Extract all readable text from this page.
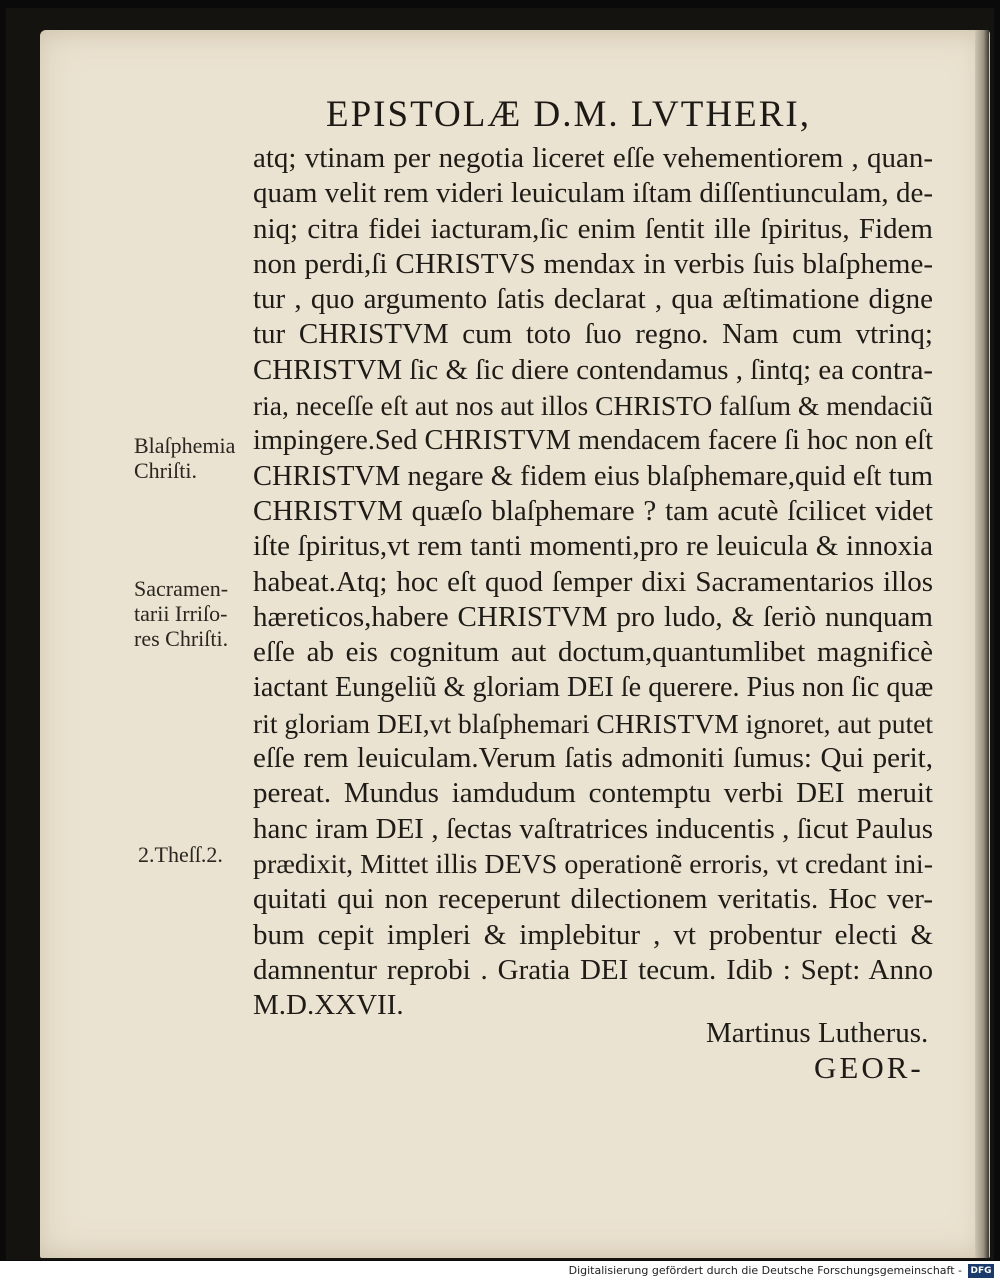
EPISTOLÆ D.M. LVTHERI,
atq; vtinam per negotia liceret eſſe vehementiorem , quan-
quam velit rem videri leuiculam iſtam diſſentiunculam, de-
niq; citra fidei iacturam,ſic enim ſentit ille ſpiritus, Fidem
non perdi,ſi CHRISTVS mendax in verbis ſuis blaſpheme-
tur , quo argumento ſatis declarat , qua æſtimatione digne
tur CHRISTVM cum toto ſuo regno. Nam cum vtrinq;
CHRISTVM ſic & ſic diere contendamus , ſintq; ea contra-
ria, neceſſe eſt aut nos aut illos CHRISTO falſum & mendaciũ
impingere.Sed CHRISTVM mendacem facere ſi hoc non eſt
CHRISTVM negare & fidem eius blaſphemare,quid eſt tum
CHRISTVM quæſo blaſphemare ? tam acutè ſcilicet videt
iſte ſpiritus,vt rem tanti momenti,pro re leuicula & innoxia
habeat.Atq; hoc eſt quod ſemper dixi Sacramentarios illos
hæreticos,habere CHRISTVM pro ludo, & ſeriò nunquam
eſſe ab eis cognitum aut doctum,quantumlibet magnificè
iactant Eungeliũ & gloriam DEI ſe querere. Pius non ſic quæ
rit gloriam DEI,vt blaſphemari CHRISTVM ignoret, aut putet
eſſe rem leuiculam.Verum ſatis admoniti ſumus: Qui perit,
pereat. Mundus iamdudum contemptu verbi DEI meruit
hanc iram DEI , ſectas vaſtratrices inducentis , ſicut Paulus
prædixit, Mittet illis DEVS operationẽ erroris, vt credant ini-
quitati qui non receperunt dilectionem veritatis. Hoc ver-
bum cepit impleri & implebitur , vt probentur electi &
damnentur reprobi . Gratia DEI tecum. Idib : Sept: Anno
M.D.XXVII.
Blaſphemia
Chriſti.
Sacramen-
tarii Irriſo-
res Chriſti.
2.Theſſ.2.
Martinus Lutherus.
GEOR-
Digitalisierung gefördert durch die Deutsche Forschungsgemeinschaft - DFG
